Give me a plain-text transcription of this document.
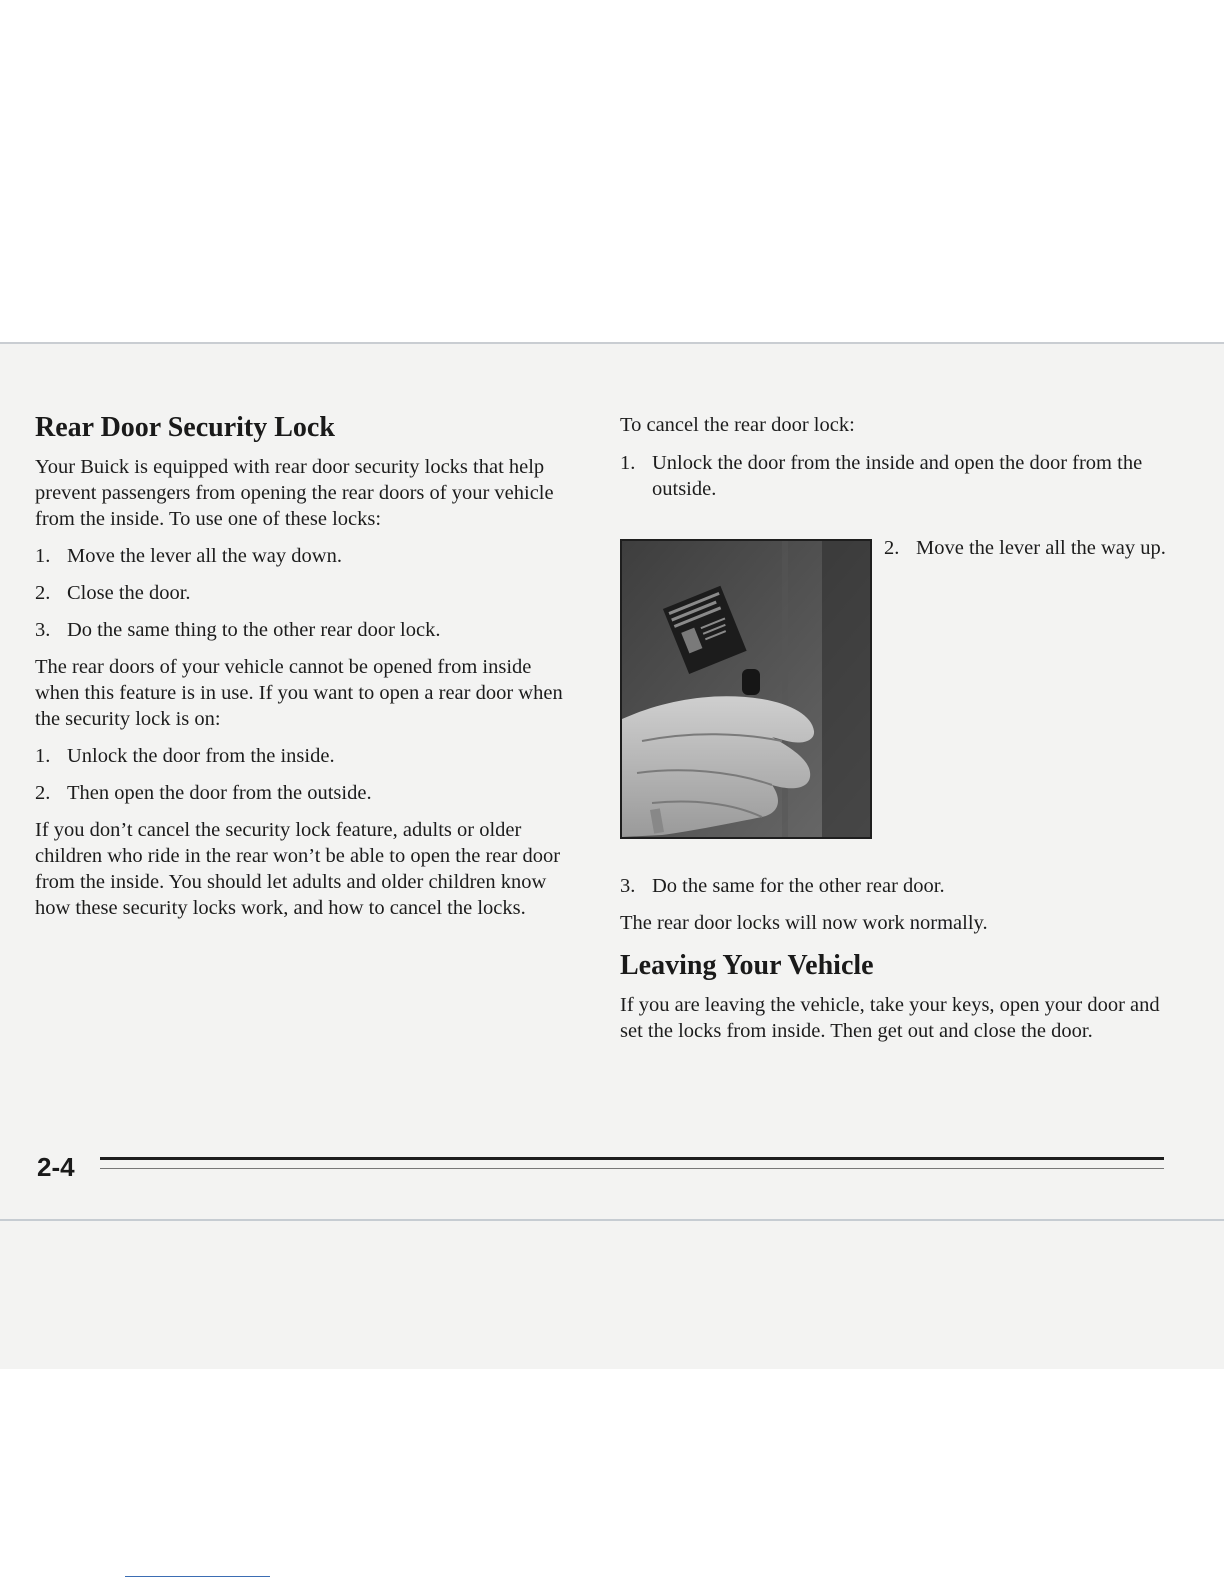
Rear Door Security Lock

Your Buick is equipped with rear door security locks that help prevent passengers from opening the rear doors of your vehicle from the inside. To use one of these locks:

1. Move the lever all the way down.
2. Close the door.
3. Do the same thing to the other rear door lock.

The rear doors of your vehicle cannot be opened from inside when this feature is in use. If you want to open a rear door when the security lock is on:

1. Unlock the door from the inside.
2. Then open the door from the outside.

If you don’t cancel the security lock feature, adults or older children who ride in the rear won’t be able to open the rear door from the inside. You should let adults and older children know how these security locks work, and how to cancel the locks.

To cancel the rear door lock:

1. Unlock the door from the inside and open the door from the outside.
2. Move the lever all the way up.
3. Do the same for the other rear door.

The rear door locks will now work normally.

Leaving Your Vehicle

If you are leaving the vehicle, take your keys, open your door and set the locks from inside. Then get out and close the door.

2-4
